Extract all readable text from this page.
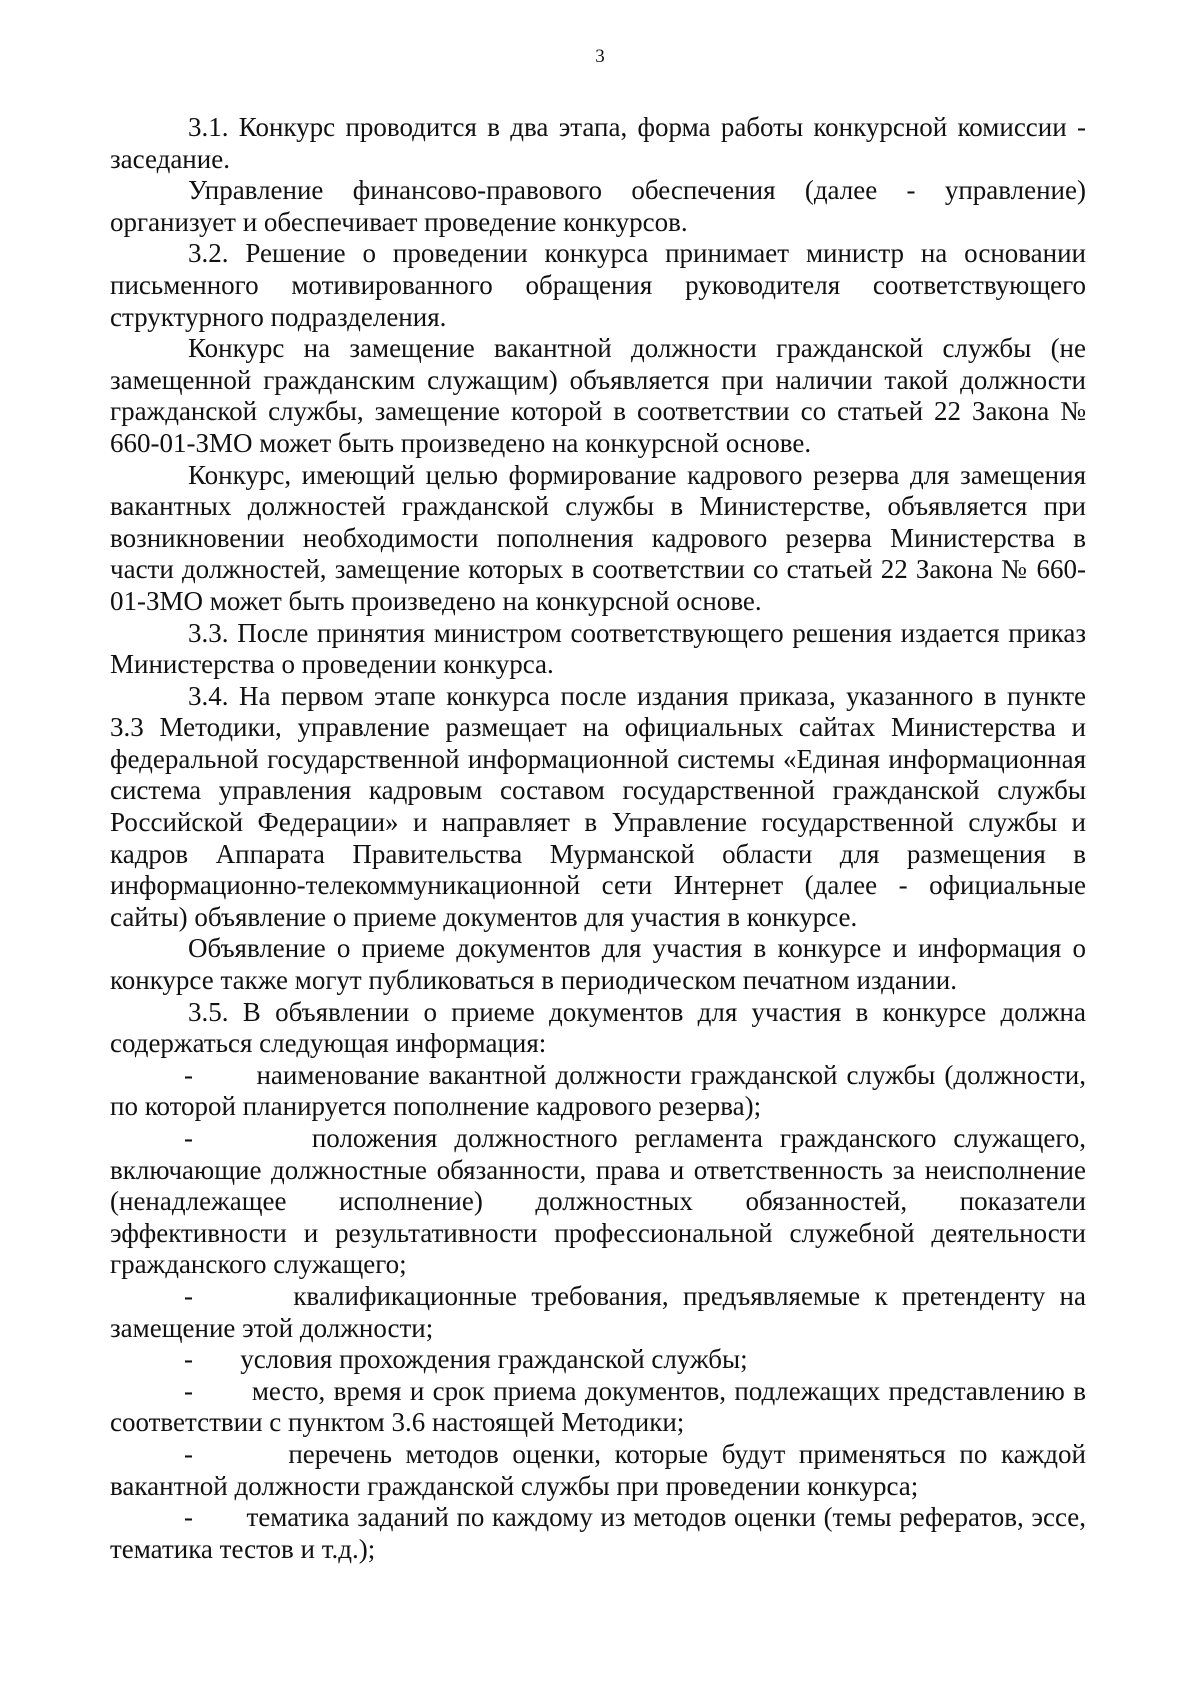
3

3.1. Конкурс проводится в два этапа, форма работы конкурсной комиссии - заседание.

Управление финансово-правового обеспечения (далее - управление) организует и обеспечивает проведение конкурсов.

3.2. Решение о проведении конкурса принимает министр на основании письменного мотивированного обращения руководителя соответствующего структурного подразделения.

Конкурс на замещение вакантной должности гражданской службы (не замещенной гражданским служащим) объявляется при наличии такой должности гражданской службы, замещение которой в соответствии со статьей 22 Закона № 660-01-ЗМО может быть произведено на конкурсной основе.

Конкурс, имеющий целью формирование кадрового резерва для замещения вакантных должностей гражданской службы в Министерстве, объявляется при возникновении необходимости пополнения кадрового резерва Министерства в части должностей, замещение которых в соответствии со статьей 22 Закона № 660-01-ЗМО может быть произведено на конкурсной основе.

3.3. После принятия министром соответствующего решения издается приказ Министерства о проведении конкурса.

3.4. На первом этапе конкурса после издания приказа, указанного в пункте 3.3 Методики, управление размещает на официальных сайтах Министерства и федеральной государственной информационной системы «Единая информационная система управления кадровым составом государственной гражданской службы Российской Федерации» и направляет в Управление государственной службы и кадров Аппарата Правительства Мурманской области для размещения в информационно-телекоммуникационной сети Интернет (далее - официальные сайты) объявление о приеме документов для участия в конкурсе.

Объявление о приеме документов для участия в конкурсе и информация о конкурсе также могут публиковаться в периодическом печатном издании.

3.5. В объявлении о приеме документов для участия в конкурсе должна содержаться следующая информация:

-       наименование вакантной должности гражданской службы (должности, по которой планируется пополнение кадрового резерва);

-       положения должностного регламента гражданского служащего, включающие должностные обязанности, права и ответственность за неисполнение (ненадлежащее исполнение) должностных обязанностей, показатели эффективности и результативности профессиональной служебной деятельности гражданского служащего;

-       квалификационные требования, предъявляемые к претенденту на замещение этой должности;

-       условия прохождения гражданской службы;

-       место, время и срок приема документов, подлежащих представлению в соответствии с пунктом 3.6 настоящей Методики;

-       перечень методов оценки, которые будут применяться по каждой вакантной должности гражданской службы при проведении конкурса;

-       тематика заданий по каждому из методов оценки (темы рефератов, эссе, тематика тестов и т.д.);
